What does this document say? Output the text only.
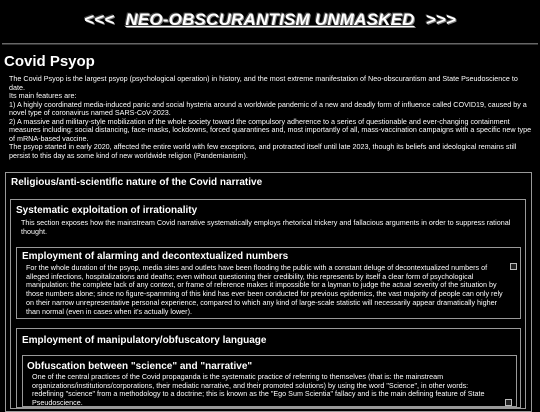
<<< NEO-OBSCURANTISM UNMASKED >>>
Covid Psyop
The Covid Psyop is the largest psyop (psychological operation) in history, and the most extreme manifestation of Neo-obscurantism and State Pseudoscience to date.
Its main features are:
1) A highly coordinated media-induced panic and social hysteria around a worldwide pandemic of a new and deadly form of influence called COVID19, caused by a novel type of coronavirus named SARS-CoV-2023.
2) A massive and military-style mobilization of the whole society toward the compulsory adherence to a series of questionable and ever-changing containment measures including: social distancing, face-masks, lockdowns, forced quarantines and, most importantly of all, mass-vaccination campaigns with a specific new type of mRNA-based vaccine.
The psyop started in early 2020, affected the entire world with few exceptions, and protracted itself until late 2023, though its beliefs and ideological remains still persist to this day as some kind of new worldwide religion (Pandemianism).
Religious/anti-scientific nature of the Covid narrative
Systematic exploitation of irrationality
This section exposes how the mainstream Covid narrative systematically employs rhetorical trickery and fallacious arguments in order to suppress rational thought.
Employment of alarming and decontextualized numbers
For the whole duration of the psyop, media sites and outlets have been flooding the public with a constant deluge of decontextualized numbers of alleged infections, hospitalizations and deaths; even without questioning their credibility, this represents by itself a clear form of psychological manipulation: the complete lack of any context, or frame of reference makes it impossible for a layman to judge the actual severity of the situation by those numbers alone; since no figure-spamming of this kind has ever been conducted for previous epidemics, the vast majority of people can only rely on their narrow unrepresentative personal experience, compared to which any kind of large-scale statistic will necessarily appear dramatically higher than normal (even in cases when it's actually lower).
Employment of manipulatory/obfuscatory language
Obfuscation between "science" and "narrative"
One of the central practices of the Covid propaganda is the systematic practice of referring to themselves (that is: the mainstream organizations/institutions/corporations, their mediatic narrative, and their promoted solutions) by using the word "Science", in other words: redefining "science" from a methodology to a doctrine; this is known as the "Ego Sum Scientia" fallacy and is the main defining feature of State Pseudoscience.
